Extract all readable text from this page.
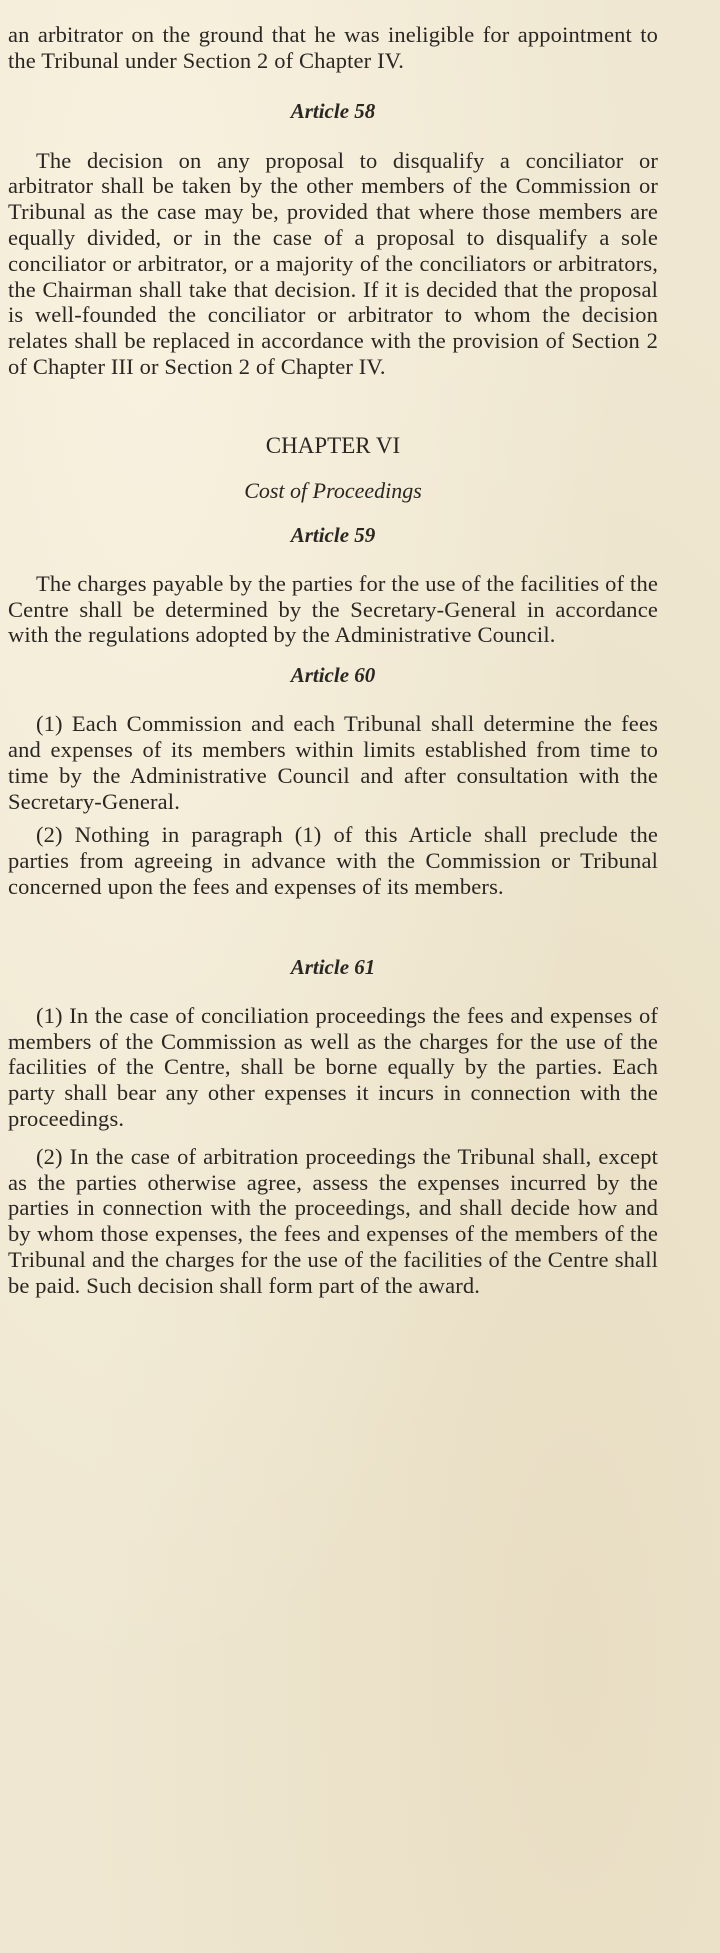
an arbitrator on the ground that he was ineligible for appointment to the Tribunal under Section 2 of Chapter IV.

Article 58

The decision on any proposal to disqualify a conciliator or arbitrator shall be taken by the other members of the Commission or Tribunal as the case may be, provided that where those members are equally divided, or in the case of a proposal to disqualify a sole conciliator or arbitrator, or a majority of the conciliators or arbitrators, the Chairman shall take that decision. If it is decided that the proposal is well-founded the conciliator or arbitrator to whom the decision relates shall be replaced in accordance with the provision of Section 2 of Chapter III or Section 2 of Chapter IV.

CHAPTER VI
Cost of Proceedings
Article 59

The charges payable by the parties for the use of the facilities of the Centre shall be determined by the Secretary-General in accordance with the regulations adopted by the Administrative Council.

Article 60

(1) Each Commission and each Tribunal shall determine the fees and expenses of its members within limits established from time to time by the Administrative Council and after consultation with the Secretary-General.

(2) Nothing in paragraph (1) of this Article shall preclude the parties from agreeing in advance with the Commission or Tribunal concerned upon the fees and expenses of its members.

Article 61

(1) In the case of conciliation proceedings the fees and expenses of members of the Commission as well as the charges for the use of the facilities of the Centre, shall be borne equally by the parties. Each party shall bear any other expenses it incurs in connection with the proceedings.

(2) In the case of arbitration proceedings the Tribunal shall, except as the parties otherwise agree, assess the expenses incurred by the parties in connection with the proceedings, and shall decide how and by whom those expenses, the fees and expenses of the members of the Tribunal and the charges for the use of the facilities of the Centre shall be paid. Such decision shall form part of the award.
